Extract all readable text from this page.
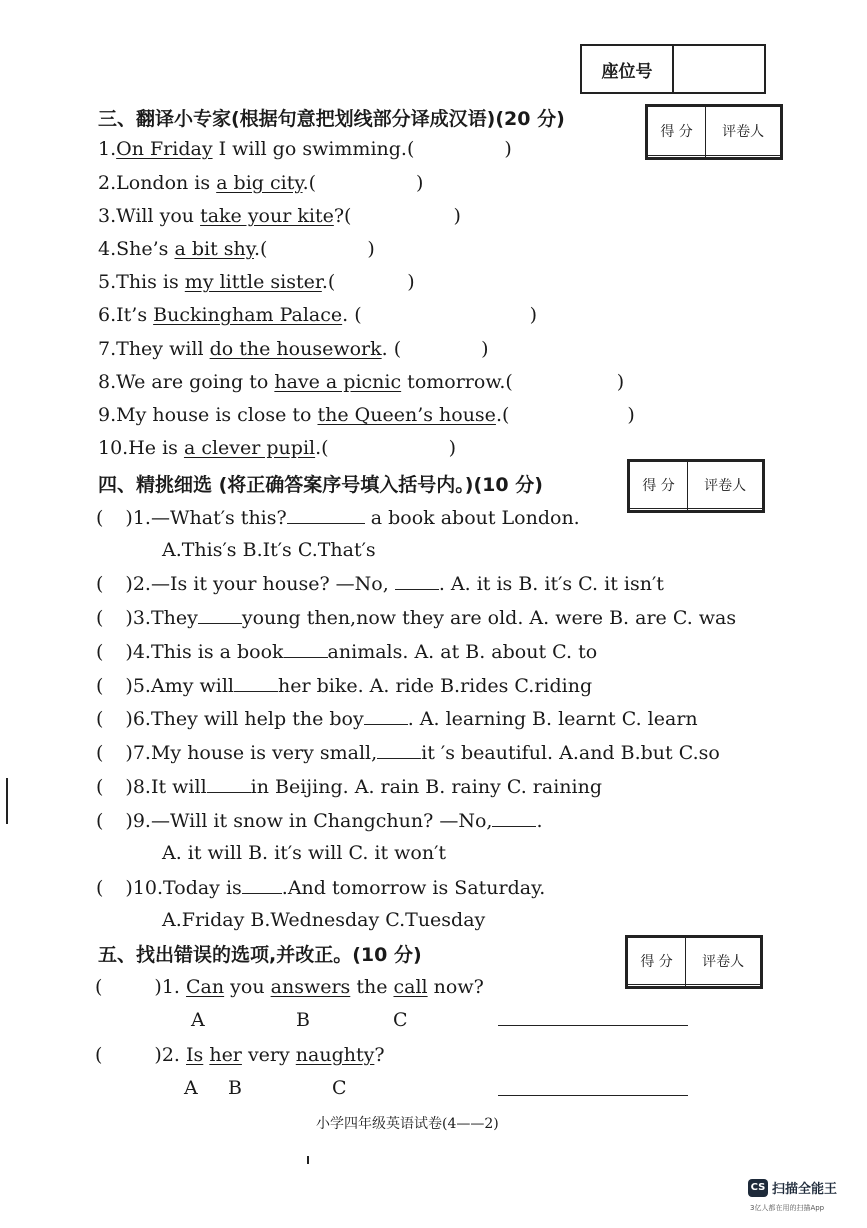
座位号
三、翻译小专家(根据句意把划线部分译成汉语)(20 分)
得 分	评卷人

1.On Friday I will go swimming.(	)
2.London is a big city.(	)
3.Will you take your kite?(	)
4.She’s a bit shy.(	)
5.This is my little sister.(	)
6.It’s Buckingham Palace. (	)
7.They will do the housework. (	)
8.We are going to have a picnic tomorrow.(	)
9.My house is close to the Queen’s house.(	)
10.He is a clever pupil.(	)
四、精挑细选 (将正确答案序号填入括号内。)(10 分)	得 分	评卷人

( )1.—What′s this?	a book about London.
A.This′s B.It′s C.That′s
( )2.—Is it your house? —No, . A. it is B. it′s C. it isn′t
( )3.They young then,now they are old. A. were B. are C. was
( )4.This is a book animals. A. at B. about C. to
( )5.Amy will her bike. A. ride B.rides C.riding
( )6.They will help the boy . A. learning B. learnt C. learn
( )7.My house is very small, it ′s beautiful. A.and B.but C.so
( )8.It will in Beijing. A. rain B. rainy C. raining
( )9.—Will it snow in Changchun? —No, .
A. it will B. it′s will C. it won′t
( )10.Today is .And tomorrow is Saturday.
A.Friday B.Wednesday C.Tuesday
五、找出错误的选项,并改正。(10 分)	得 分	评卷人

(	)1. Can you answers the call now?
A	B	C
(	)2. Is her very naughty?
A B	C
小学四年级英语试卷(4——2)
CS 扫描全能王
3亿人都在用的扫描App
